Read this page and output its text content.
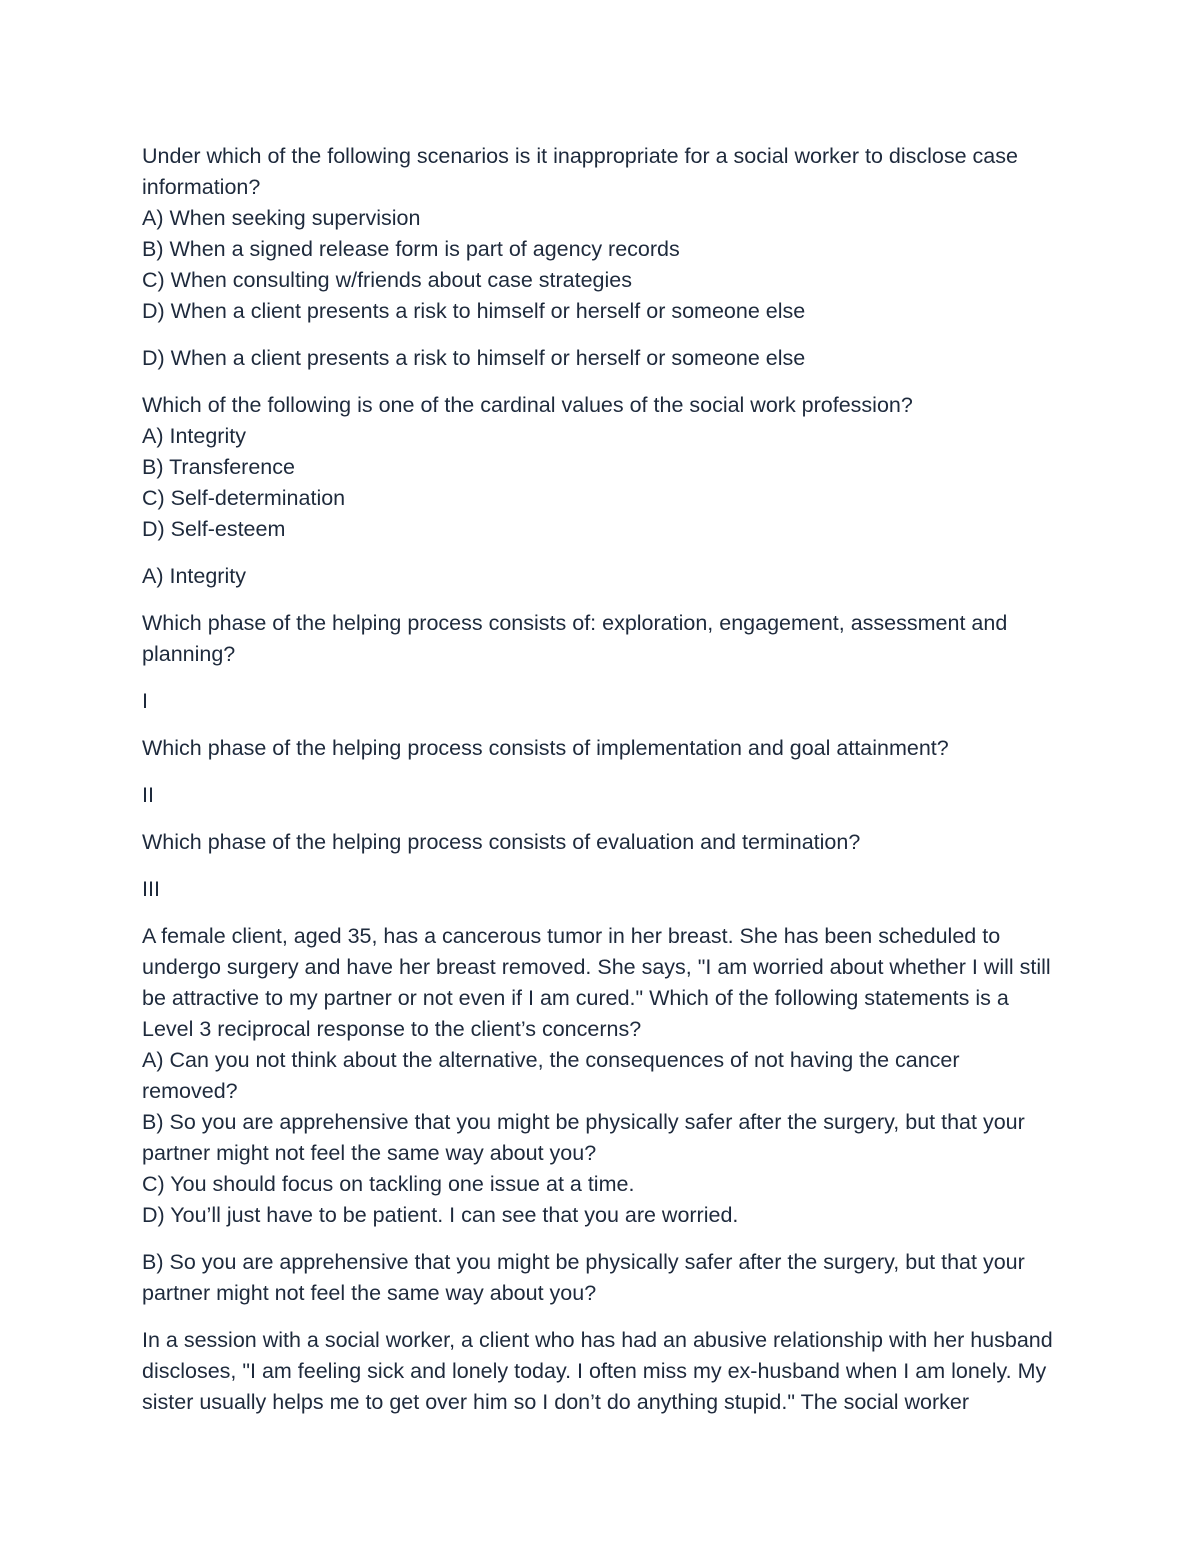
Under which of the following scenarios is it inappropriate for a social worker to disclose case
information?
A) When seeking supervision
B) When a signed release form is part of agency records
C) When consulting w/friends about case strategies
D) When a client presents a risk to himself or herself or someone else
D) When a client presents a risk to himself or herself or someone else
Which of the following is one of the cardinal values of the social work profession?
A) Integrity
B) Transference
C) Self-determination
D) Self-esteem
A) Integrity
Which phase of the helping process consists of: exploration, engagement, assessment and
planning?
I
Which phase of the helping process consists of implementation and goal attainment?
II
Which phase of the helping process consists of evaluation and termination?
III
A female client, aged 35, has a cancerous tumor in her breast. She has been scheduled to
undergo surgery and have her breast removed. She says, "I am worried about whether I will still
be attractive to my partner or not even if I am cured." Which of the following statements is a
Level 3 reciprocal response to the client’s concerns?
A) Can you not think about the alternative, the consequences of not having the cancer
removed?
B) So you are apprehensive that you might be physically safer after the surgery, but that your
partner might not feel the same way about you?
C) You should focus on tackling one issue at a time.
D) You’ll just have to be patient. I can see that you are worried.
B) So you are apprehensive that you might be physically safer after the surgery, but that your
partner might not feel the same way about you?
In a session with a social worker, a client who has had an abusive relationship with her husband
discloses, "I am feeling sick and lonely today. I often miss my ex-husband when I am lonely. My
sister usually helps me to get over him so I don’t do anything stupid." The social worker
